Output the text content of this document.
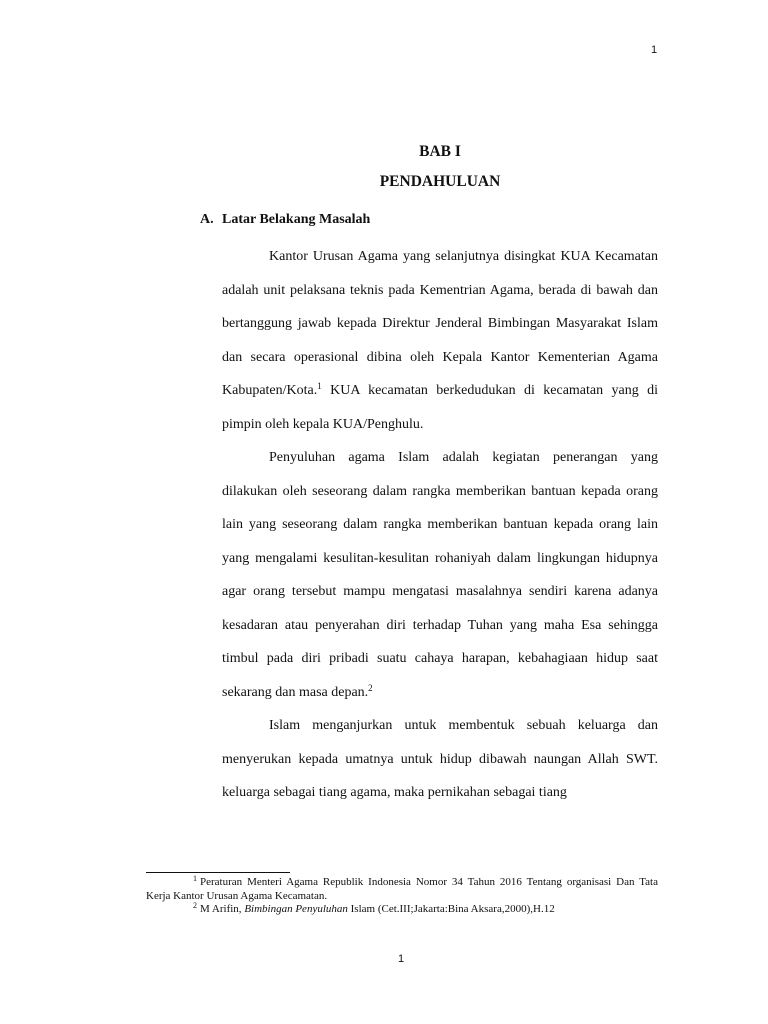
1
BAB I
PENDAHULUAN
A. Latar Belakang Masalah

Kantor Urusan Agama yang selanjutnya disingkat KUA Kecamatan adalah unit pelaksana teknis pada Kementrian Agama, berada di bawah dan bertanggung jawab kepada Direktur Jenderal Bimbingan Masyarakat Islam dan secara operasional dibina oleh Kepala Kantor Kementerian Agama Kabupaten/Kota.$^1$ KUA kecamatan berkedudukan di kecamatan yang di pimpin oleh kepala KUA/Penghulu.

Penyuluhan agama Islam adalah kegiatan penerangan yang dilakukan oleh seseorang dalam rangka memberikan bantuan kepada orang lain yang seseorang dalam rangka memberikan bantuan kepada orang lain yang mengalami kesulitan-kesulitan rohaniyah dalam lingkungan hidupnya agar orang tersebut mampu mengatasi masalahnya sendiri karena adanya kesadaran atau penyerahan diri terhadap Tuhan yang maha Esa sehingga timbul pada diri pribadi suatu cahaya harapan, kebahagiaan hidup saat sekarang dan masa depan.$^2$

Islam menganjurkan untuk membentuk sebuah keluarga dan menyerukan kepada umatnya untuk hidup dibawah naungan Allah SWT. keluarga sebagai tiang agama, maka pernikahan sebagai tiang

$^1$ Peraturan Menteri Agama Republik Indonesia Nomor 34 Tahun 2016 Tentang organisasi Dan Tata Kerja Kantor Urusan Agama Kecamatan.

$^2$ M Arifin, Bimbingan Penyuluhan Islam (Cet.III;Jakarta:Bina Aksara,2000),H.12

1
